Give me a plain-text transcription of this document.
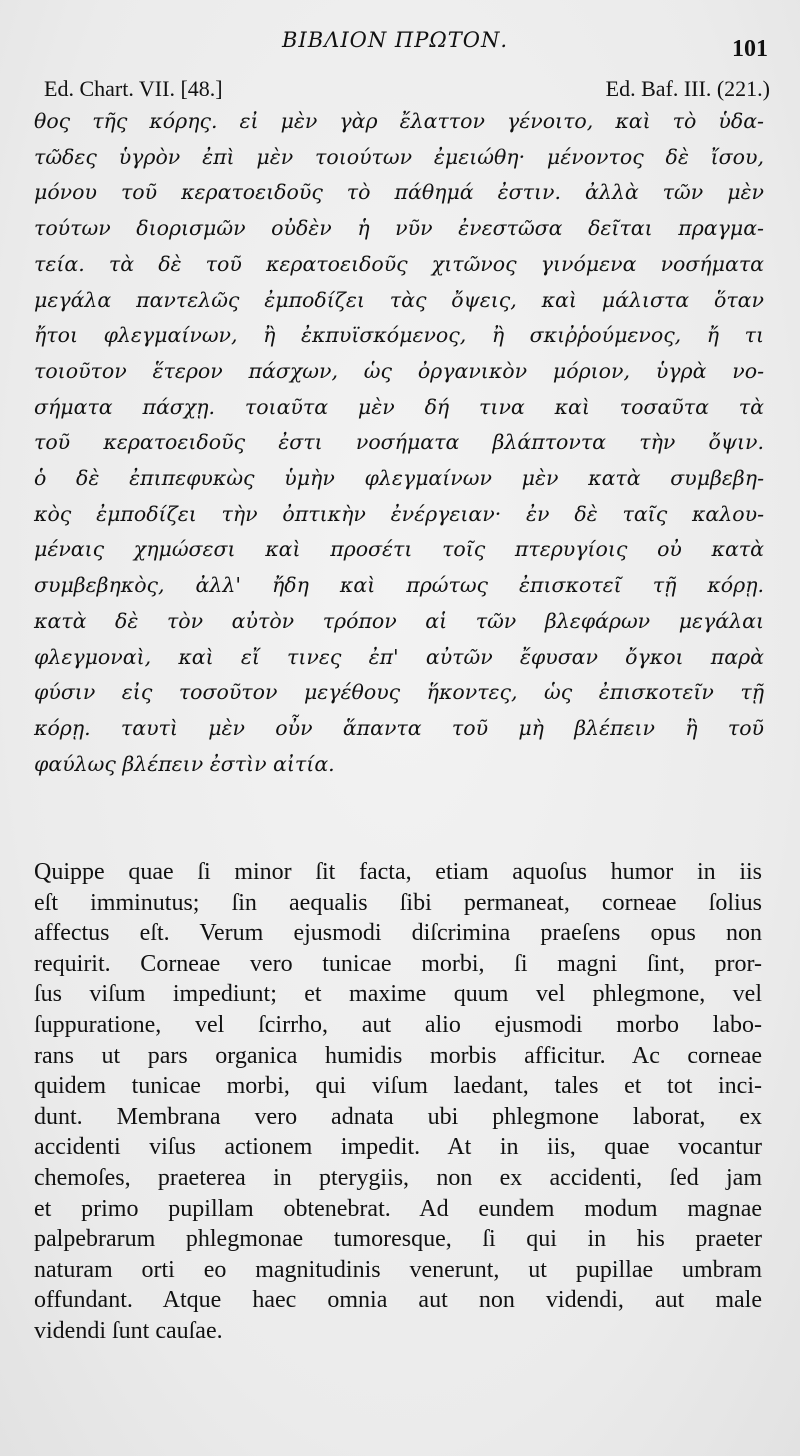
ΒΙΒΛΙΟΝ ΠΡΩΤΟΝ.	101
Ed. Chart. VII. [48.]	Ed. Baf. III. (221.)
θος τῆς κόρης. εἰ μὲν γὰρ ἔλαττον γένοιτο, καὶ τὸ ὑδα-
τῶδες ὑγρὸν ἐπὶ μὲν τοιούτων ἐμειώθη· μένοντος δὲ ἴσου,
μόνου τοῦ κερατοειδοῦς τὸ πάθημά ἐστιν. ἀλλὰ τῶν μὲν
τούτων διορισμῶν οὐδὲν ἡ νῦν ἐνεστῶσα δεῖται πραγμα-
τεία. τὰ δὲ τοῦ κερατοειδοῦς χιτῶνος γινόμενα νοσήματα
μεγάλα παντελῶς ἐμποδίζει τὰς ὄψεις, καὶ μάλιστα ὅταν
ἤτοι φλεγμαίνων, ἢ ἐκπυϊσκόμενος, ἢ σκιῤῥούμενος, ἤ τι
τοιοῦτον ἕτερον πάσχων, ὡς ὀργανικὸν μόριον, ὑγρὰ νο-
σήματα πάσχῃ. τοιαῦτα μὲν δή τινα καὶ τοσαῦτα τὰ
τοῦ κερατοειδοῦς ἐστι νοσήματα βλάπτοντα τὴν ὄψιν.
ὁ δὲ ἐπιπεφυκὼς ὑμὴν φλεγμαίνων μὲν κατὰ συμβεβη-
κὸς ἐμποδίζει τὴν ὀπτικὴν ἐνέργειαν· ἐν δὲ ταῖς καλου-
μέναις χημώσεσι καὶ προσέτι τοῖς πτερυγίοις οὐ κατὰ
συμβεβηκὸς, ἀλλ' ἤδη καὶ πρώτως ἐπισκοτεῖ τῇ κόρῃ.
κατὰ δὲ τὸν αὐτὸν τρόπον αἱ τῶν βλεφάρων μεγάλαι
φλεγμοναὶ, καὶ εἴ τινες ἐπ' αὐτῶν ἔφυσαν ὄγκοι παρὰ
φύσιν εἰς τοσοῦτον μεγέθους ἥκοντες, ὡς ἐπισκοτεῖν τῇ
κόρῃ. ταυτὶ μὲν οὖν ἅπαντα τοῦ μὴ βλέπειν ἢ τοῦ
φαύλως βλέπειν ἐστὶν αἰτία.
Quippe quae ſi minor ſit facta, etiam aquoſus humor in iis
eſt imminutus; ſin aequalis ſibi permaneat, corneae ſolius
affectus eſt. Verum ejusmodi diſcrimina praeſens opus non
requirit. Corneae vero tunicae morbi, ſi magni ſint, pror-
ſus viſum impediunt; et maxime quum vel phlegmone, vel
ſuppuratione, vel ſcirrho, aut alio ejusmodi morbo labo-
rans ut pars organica humidis morbis afficitur. Ac corneae
quidem tunicae morbi, qui viſum laedant, tales et tot inci-
dunt. Membrana vero adnata ubi phlegmone laborat, ex
accidenti viſus actionem impedit. At in iis, quae vocantur
chemoſes, praeterea in pterygiis, non ex accidenti, ſed jam
et primo pupillam obtenebrat. Ad eundem modum magnae
palpebrarum phlegmonae tumoresque, ſi qui in his praeter
naturam orti eo magnitudinis venerunt, ut pupillae umbram
offundant. Atque haec omnia aut non videndi, aut male
videndi ſunt cauſae.
